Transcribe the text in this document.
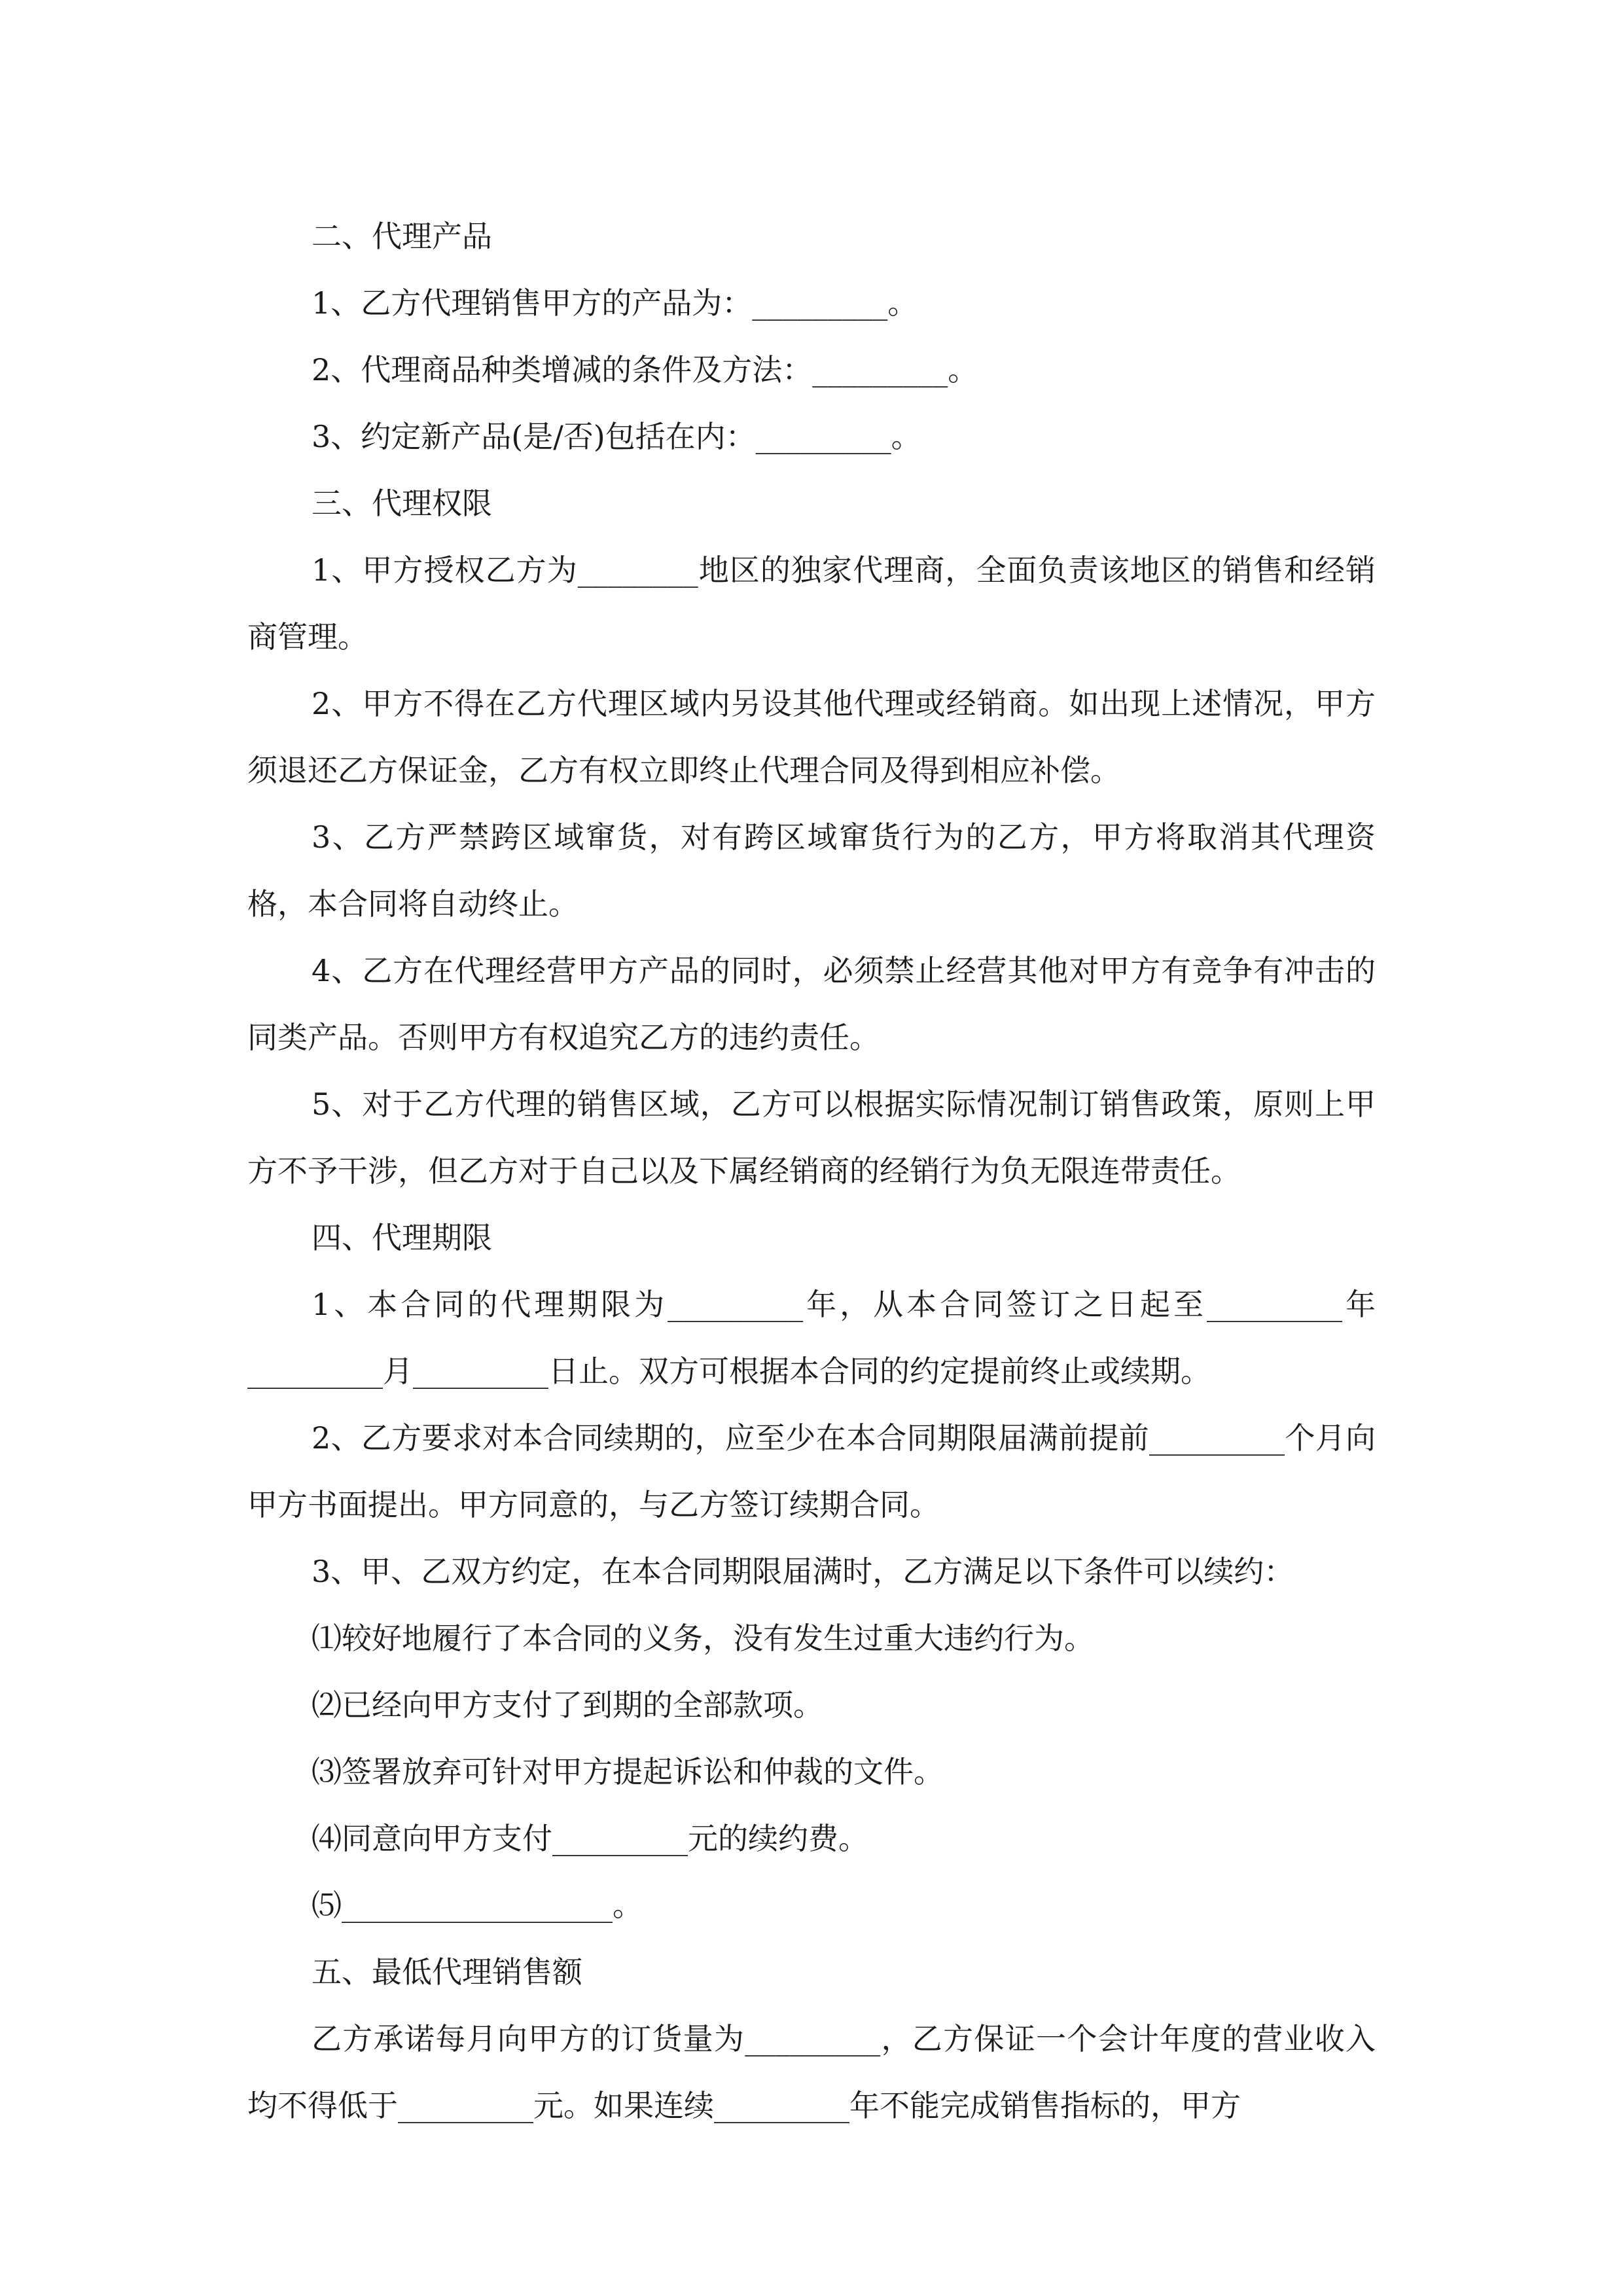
二、代理产品

1、乙方代理销售甲方的产品为：_________。

2、代理商品种类增减的条件及方法：_________。

3、约定新产品(是/否)包括在内：_________。

三、代理权限

1、甲方授权乙方为________地区的独家代理商，全面负责该地区的销售和经销商管理。

2、甲方不得在乙方代理区域内另设其他代理或经销商。如出现上述情况，甲方须退还乙方保证金，乙方有权立即终止代理合同及得到相应补偿。

3、乙方严禁跨区域窜货，对有跨区域窜货行为的乙方，甲方将取消其代理资格，本合同将自动终止。

4、乙方在代理经营甲方产品的同时，必须禁止经营其他对甲方有竞争有冲击的同类产品。否则甲方有权追究乙方的违约责任。

5、对于乙方代理的销售区域，乙方可以根据实际情况制订销售政策，原则上甲方不予干涉，但乙方对于自己以及下属经销商的经销行为负无限连带责任。

四、代理期限

1、本合同的代理期限为_________年，从本合同签订之日起至_________年_________月_________日止。双方可根据本合同的约定提前终止或续期。

2、乙方要求对本合同续期的，应至少在本合同期限届满前提前_________个月向甲方书面提出。甲方同意的，与乙方签订续期合同。

3、甲、乙双方约定，在本合同期限届满时，乙方满足以下条件可以续约：

⑴较好地履行了本合同的义务，没有发生过重大违约行为。

⑵已经向甲方支付了到期的全部款项。

⑶签署放弃可针对甲方提起诉讼和仲裁的文件。

⑷同意向甲方支付_________元的续约费。

⑸__________________。

五、最低代理销售额

乙方承诺每月向甲方的订货量为_________，乙方保证一个会计年度的营业收入均不得低于_________元。如果连续_________年不能完成销售指标的，甲方
